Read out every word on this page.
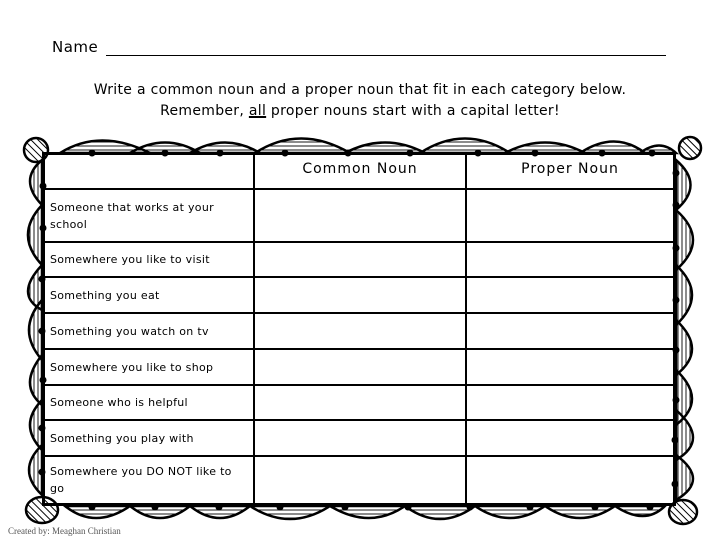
Name
Write a common noun and a proper noun that fit in each category below.
Remember, all proper nouns start with a capital letter!
Common Noun	Proper Noun
Someone that works at your school
Somewhere you like to visit
Something you eat
Something you watch on tv
Somewhere you like to shop
Someone who is helpful
Something you play with
Somewhere you DO NOT like to go
Created by: Meaghan Christian
